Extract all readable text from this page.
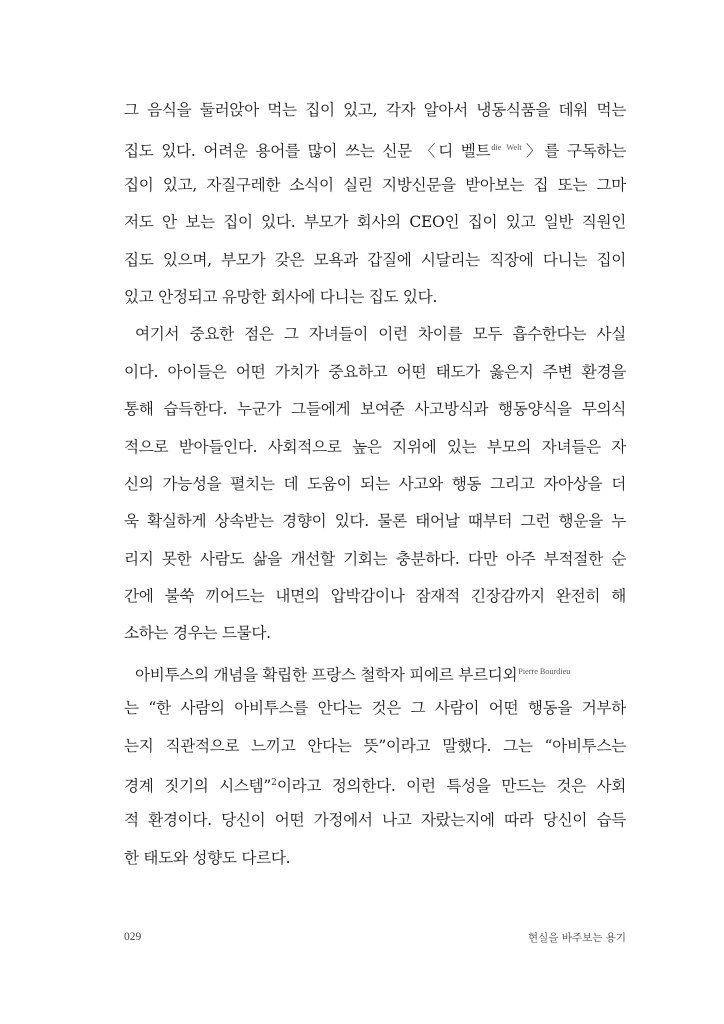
그 음식을 둘러앉아 먹는 집이 있고, 각자 알아서 냉동식품을 데워 먹는
집도 있다. 어려운 용어를 많이 쓰는 신문 〈디 벨트$^{die Welt}$〉를 구독하는
집이 있고, 자질구레한 소식이 실린 지방신문을 받아보는 집 또는 그마
저도 안 보는 집이 있다. 부모가 회사의 CEO인 집이 있고 일반 직원인
집도 있으며, 부모가 갖은 모욕과 갑질에 시달리는 직장에 다니는 집이
있고 안정되고 유망한 회사에 다니는 집도 있다.
여기서 중요한 점은 그 자녀들이 이런 차이를 모두 흡수한다는 사실
이다. 아이들은 어떤 가치가 중요하고 어떤 태도가 옳은지 주변 환경을
통해 습득한다. 누군가 그들에게 보여준 사고방식과 행동양식을 무의식
적으로 받아들인다. 사회적으로 높은 지위에 있는 부모의 자녀들은 자
신의 가능성을 펼치는 데 도움이 되는 사고와 행동 그리고 자아상을 더
욱 확실하게 상속받는 경향이 있다. 물론 태어날 때부터 그런 행운을 누
리지 못한 사람도 삶을 개선할 기회는 충분하다. 다만 아주 부적절한 순
간에 불쑥 끼어드는 내면의 압박감이나 잠재적 긴장감까지 완전히 해
소하는 경우는 드물다.
아비투스의 개념을 확립한 프랑스 철학자 피에르 부르디외$^{Pierre Bourdieu}$
는 “한 사람의 아비투스를 안다는 것은 그 사람이 어떤 행동을 거부하
는지 직관적으로 느끼고 안다는 뜻”이라고 말했다. 그는 “아비투스는
경계 짓기의 시스템”$^2$이라고 정의한다. 이런 특성을 만드는 것은 사회
적 환경이다. 당신이 어떤 가정에서 나고 자랐는지에 따라 당신이 습득
한 태도와 성향도 다르다.
029	현실을 바주보는 용기
